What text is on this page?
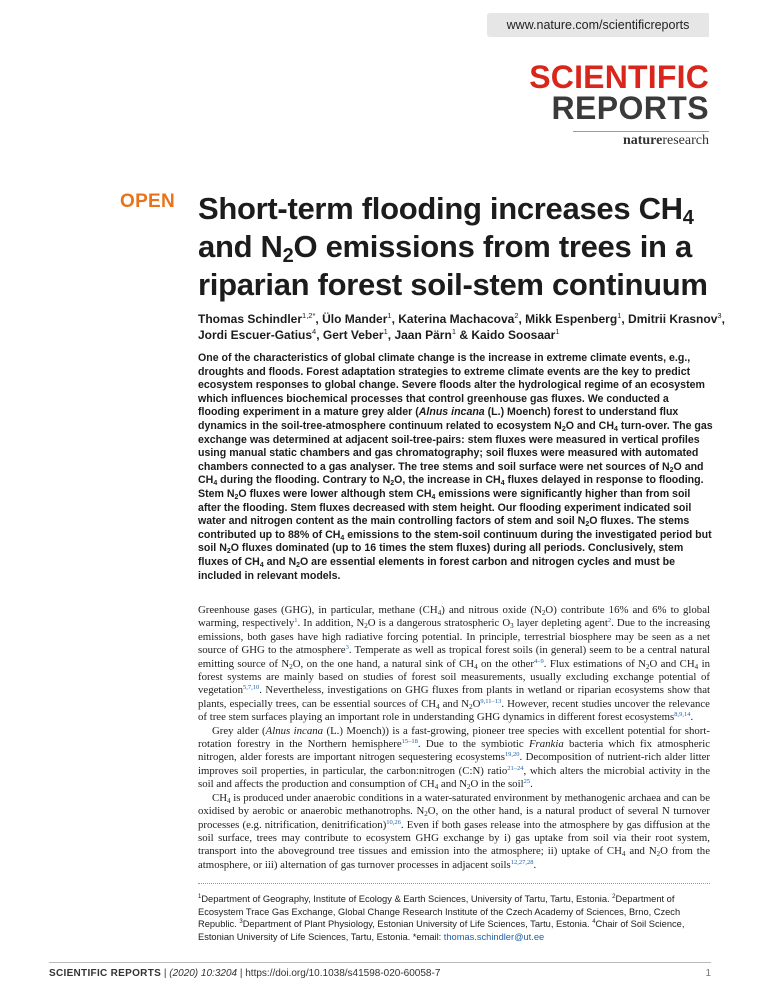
www.nature.com/scientificreports
SCIENTIFIC
REPORTS
natureresearch
OPEN Short-term flooding increases $CH_4$ and $N_2O$ emissions from trees in a riparian forest soil-stem continuum
Thomas Schindler$^{1,2*}$, Ülo Mander$^1$, Katerina Machacova$^2$, Mikk Espenberg$^1$, Dmitrii Krasnov$^3$, Jordi Escuer-Gatius$^4$, Gert Veber$^1$, Jaan Pärn$^1$ & Kaido Soosaar$^1$
One of the characteristics of global climate change is the increase in extreme climate events, e.g., droughts and floods. Forest adaptation strategies to extreme climate events are the key to predict ecosystem responses to global change. Severe floods alter the hydrological regime of an ecosystem which influences biochemical processes that control greenhouse gas fluxes. We conducted a flooding experiment in a mature grey alder (Alnus incana (L.) Moench) forest to understand flux dynamics in the soil-tree-atmosphere continuum related to ecosystem $N_2O$ and $CH_4$ turn-over. The gas exchange was determined at adjacent soil-tree-pairs: stem fluxes were measured in vertical profiles using manual static chambers and gas chromatography; soil fluxes were measured with automated chambers connected to a gas analyser. The tree stems and soil surface were net sources of $N_2O$ and $CH_4$ during the flooding. Contrary to $N_2O$, the increase in $CH_4$ fluxes delayed in response to flooding. Stem $N_2O$ fluxes were lower although stem $CH_4$ emissions were significantly higher than from soil after the flooding. Stem fluxes decreased with stem height. Our flooding experiment indicated soil water and nitrogen content as the main controlling factors of stem and soil $N_2O$ fluxes. The stems contributed up to 88% of $CH_4$ emissions to the stem-soil continuum during the investigated period but soil $N_2O$ fluxes dominated (up to 16 times the stem fluxes) during all periods. Conclusively, stem fluxes of $CH_4$ and $N_2O$ are essential elements in forest carbon and nitrogen cycles and must be included in relevant models.

Greenhouse gases (GHG), in particular, methane $(CH_4)$ and nitrous oxide $(N_2O)$ contribute 16% and 6% to global warming, respectively$^1$. In addition, $N_2O$ is a dangerous stratospheric $O_3$ layer depleting agent$^2$. Due to the increasing emissions, both gases have high radiative forcing potential. In principle, terrestrial biosphere may be seen as a net source of GHG to the atmosphere$^3$. Temperate as well as tropical forest soils (in general) seem to be a central natural emitting source of $N_2O$, on the one hand, a natural sink of $CH_4$ on the other$^{4-9}$. Flux estimations of $N_2O$ and $CH_4$ in forest systems are mainly based on studies of forest soil measurements, usually excluding exchange potential of vegetation$^{5,7,10}$. Nevertheless, investigations on GHG fluxes from plants in wetland or riparian ecosystems show that plants, especially trees, can be essential sources of $CH_4$ and $N_2O^{9,11-13}$. However, recent studies uncover the relevance of tree stem surfaces playing an important role in understanding GHG dynamics in different forest ecosystems$^{8,9,14}$.

Grey alder (Alnus incana (L.) Moench)) is a fast-growing, pioneer tree species with excellent potential for short-rotation forestry in the Northern hemisphere$^{15-18}$. Due to the symbiotic Frankia bacteria which fix atmospheric nitrogen, alder forests are important nitrogen sequestering ecosystems$^{19,20}$. Decomposition of nutrient-rich alder litter improves soil properties, in particular, the carbon:nitrogen (C:N) ratio$^{21-24}$, which alters the microbial activity in the soil and affects the production and consumption of $CH_4$ and $N_2O$ in the soil$^{25}$.

$CH_4$ is produced under anaerobic conditions in a water-saturated environment by methanogenic archaea and can be oxidised by aerobic or anaerobic methanotrophs. $N_2O$, on the other hand, is a natural product of several N turnover processes (e.g. nitrification, denitrification)$^{10,26}$. Even if both gases release into the atmosphere by gas diffusion at the soil surface, trees may contribute to ecosystem GHG exchange by i) gas uptake from soil via their root system, transport into the aboveground tree tissues and emission into the atmosphere; ii) uptake of $CH_4$ and $N_2O$ from the atmosphere, or iii) alternation of gas turnover processes in adjacent soils$^{12,27,28}$.

$^1$Department of Geography, Institute of Ecology & Earth Sciences, University of Tartu, Tartu, Estonia. $^2$Department of Ecosystem Trace Gas Exchange, Global Change Research Institute of the Czech Academy of Sciences, Brno, Czech Republic. $^3$Department of Plant Physiology, Estonian University of Life Sciences, Tartu, Estonia. $^4$Chair of Soil Science, Estonian University of Life Sciences, Tartu, Estonia. *email: thomas.schindler@ut.ee
SCIENTIFIC REPORTS | (2020) 10:3204 | https://doi.org/10.1038/s41598-020-60058-7	1
